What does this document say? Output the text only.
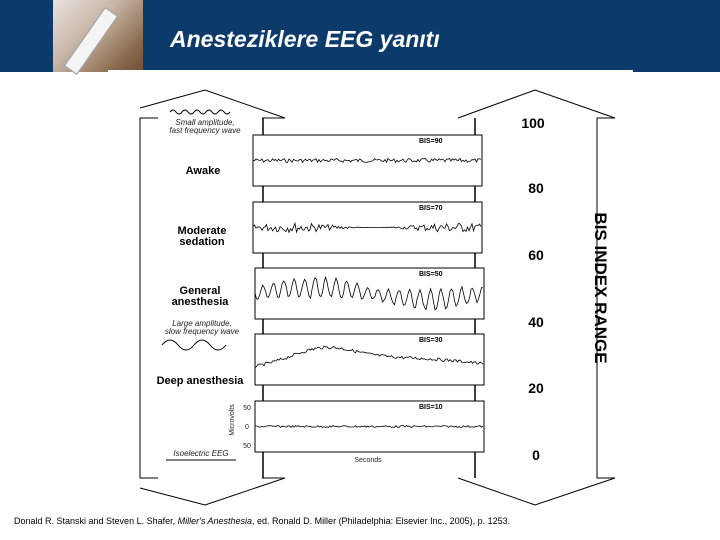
Anesteziklere EEG yanıtı
Small amplitude,
fast frequency wave
Awake
Moderate sedation
General anesthesia
Large amplitude,
slow frequency wave
Deep anesthesia
Isoelectric EEG
Microvolts	50
0
50
Seconds
BIS=90
BIS=70
BIS=50
BIS=30
BIS=10
100
80
60
40
20
0
BIS INDEX RANGE
Donald R. Stanski and Steven L. Shafer, Miller's Anesthesia, ed. Ronald D. Miller (Philadelphia: Elsevier Inc., 2005), p. 1253.
